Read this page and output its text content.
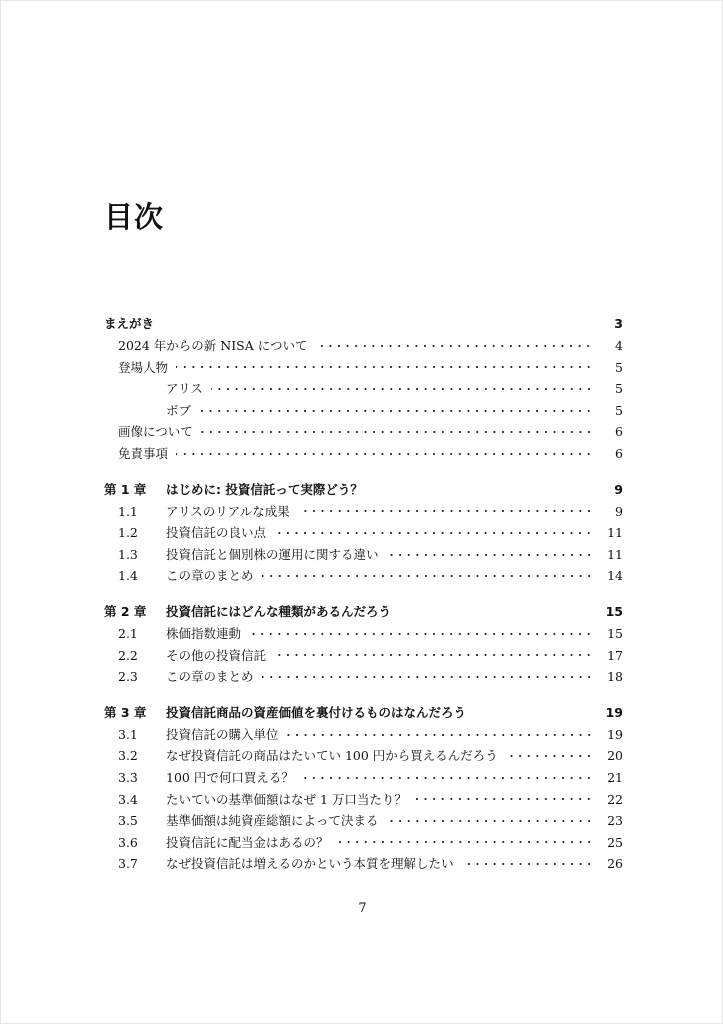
目次
まえがき	3
2024 年からの新 NISA について	4
登場人物	5
アリス	5
ボブ	5
画像について	6
免責事項	6
第 1 章	はじめに: 投資信託って実際どう？	9
1.1	アリスのリアルな成果	9
1.2	投資信託の良い点	11
1.3	投資信託と個別株の運用に関する違い	11
1.4	この章のまとめ	14
第 2 章	投資信託にはどんな種類があるんだろう	15
2.1	株価指数連動	15
2.2	その他の投資信託	17
2.3	この章のまとめ	18
第 3 章	投資信託商品の資産価値を裏付けるものはなんだろう	19
3.1	投資信託の購入単位	19
3.2	なぜ投資信託の商品はたいてい 100 円から買えるんだろう	20
3.3	100 円で何口買える？	21
3.4	たいていの基準価額はなぜ 1 万口当たり？	22
3.5	基準価額は純資産総額によって決まる	23
3.6	投資信託に配当金はあるの？	25
3.7	なぜ投資信託は増えるのかという本質を理解したい	26
7
